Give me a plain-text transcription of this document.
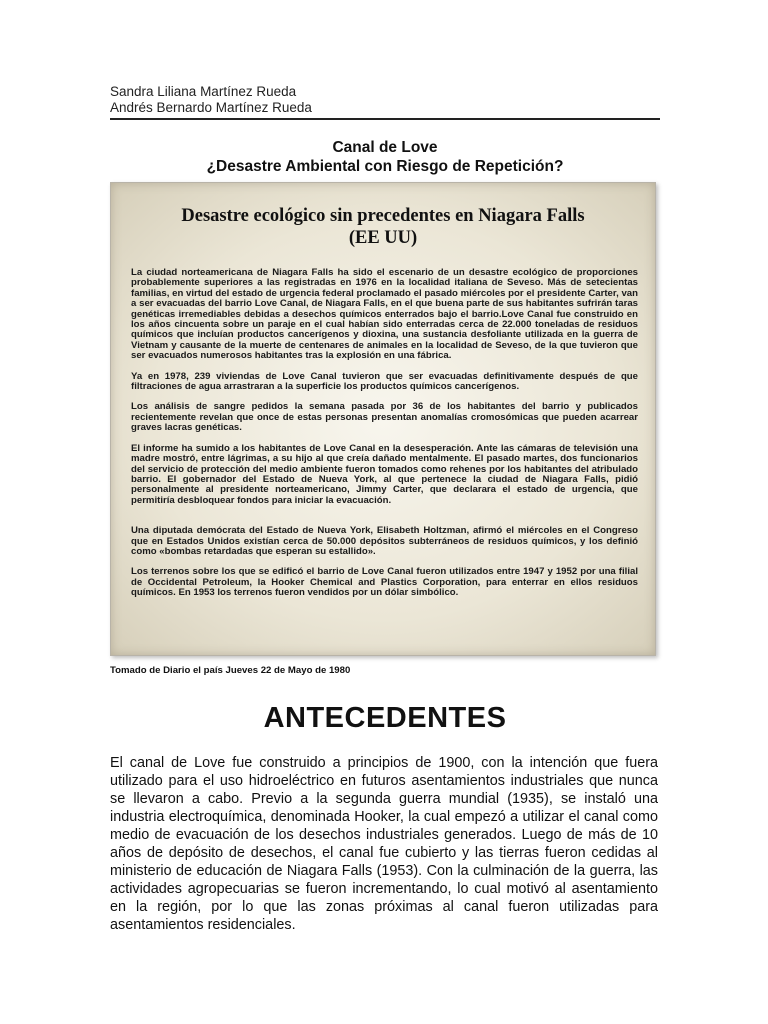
Sandra Liliana Martínez Rueda
Andrés Bernardo Martínez Rueda
Canal de Love
¿Desastre Ambiental con Riesgo de Repetición?
Desastre ecológico sin precedentes en Niagara Falls
(EE UU)

La ciudad norteamericana de Niagara Falls ha sido el escenario de un desastre ecológico de proporciones probablemente superiores a las registradas en 1976 en la localidad italiana de Seveso. Más de setecientas familias, en virtud del estado de urgencia federal proclamado el pasado miércoles por el presidente Carter, van a ser evacuadas del barrio Love Canal, de Niagara Falls, en el que buena parte de sus habitantes sufrirán taras genéticas irremediables debidas a desechos químicos enterrados bajo el barrio.Love Canal fue construido en los años cincuenta sobre un paraje en el cual habían sido enterradas cerca de 22.000 toneladas de residuos químicos que incluían productos cancerígenos y dioxina, una sustancia desfoliante utilizada en la guerra de Vietnam y causante de la muerte de centenares de animales en la localidad de Seveso, de la que tuvieron que ser evacuados numerosos habitantes tras la explosión en una fábrica.

Ya en 1978, 239 viviendas de Love Canal tuvieron que ser evacuadas definitivamente después de que filtraciones de agua arrastraran a la superficie los productos químicos cancerígenos.

Los análisis de sangre pedidos la semana pasada por 36 de los habitantes del barrio y publicados recientemente revelan que once de estas personas presentan anomalías cromosómicas que pueden acarrear graves lacras genéticas.

El informe ha sumido a los habitantes de Love Canal en la desesperación. Ante las cámaras de televisión una madre mostró, entre lágrimas, a su hijo al que creía dañado mentalmente. El pasado martes, dos funcionarios del servicio de protección del medio ambiente fueron tomados como rehenes por los habitantes del atribulado barrio. El gobernador del Estado de Nueva York, al que pertenece la ciudad de Niagara Falls, pidió personalmente al presidente norteamericano, Jimmy Carter, que declarara el estado de urgencia, que permitiría desbloquear fondos para iniciar la evacuación.

Una diputada demócrata del Estado de Nueva York, Elisabeth Holtzman, afirmó el miércoles en el Congreso que en Estados Unidos existían cerca de 50.000 depósitos subterráneos de residuos químicos, y los definió como «bombas retardadas que esperan su estallido».

Los terrenos sobre los que se edificó el barrio de Love Canal fueron utilizados entre 1947 y 1952 por una filial de Occidental Petroleum, la Hooker Chemical and Plastics Corporation, para enterrar en ellos residuos químicos. En 1953 los terrenos fueron vendidos por un dólar simbólico.

Tomado de Diario el país Jueves 22 de Mayo de 1980
ANTECEDENTES
El canal de Love fue construido a principios de 1900, con la intención que fuera utilizado para el uso hidroeléctrico en futuros asentamientos industriales que nunca se llevaron a cabo. Previo a la segunda guerra mundial (1935), se instaló una industria electroquímica, denominada Hooker, la cual empezó a utilizar el canal como medio de evacuación de los desechos industriales generados. Luego de más de 10 años de depósito de desechos, el canal fue cubierto y las tierras fueron cedidas al ministerio de educación de Niagara Falls (1953). Con la culminación de la guerra, las actividades agropecuarias se fueron incrementando, lo cual motivó al asentamiento en la región, por lo que las zonas próximas al canal fueron utilizadas para asentamientos residenciales.
